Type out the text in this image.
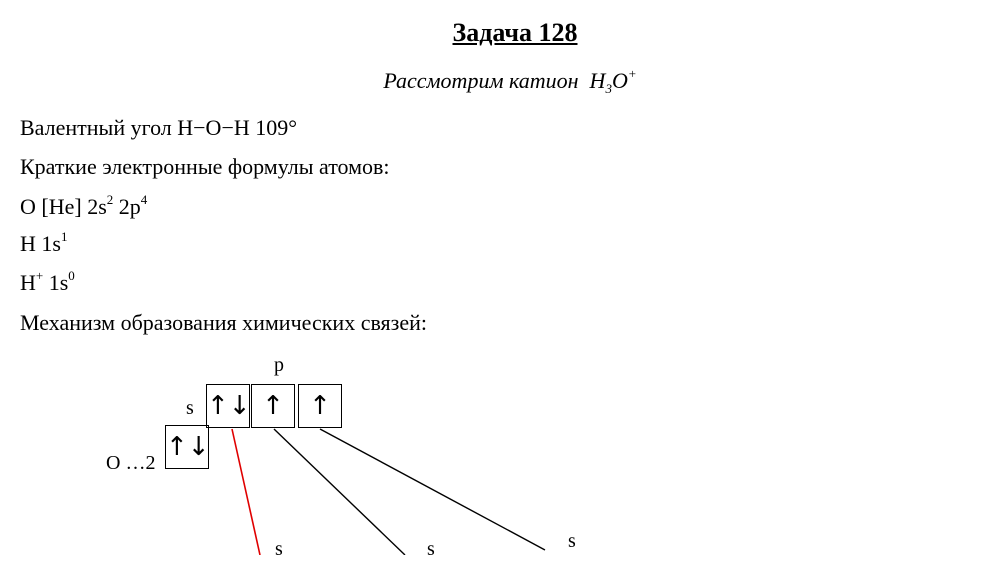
Задача 128
Рассмотрим катион $H_3O^+$
Валентный угол H−O−H 109°
Краткие электронные формулы атомов:
O [He] $2s^2$ $2p^4$
H $1s^1$
H+ $1s^0$
Механизм образования химических связей:
p
s
O …2
↑↓
↑↓ ↑ ↑
s	s	s
